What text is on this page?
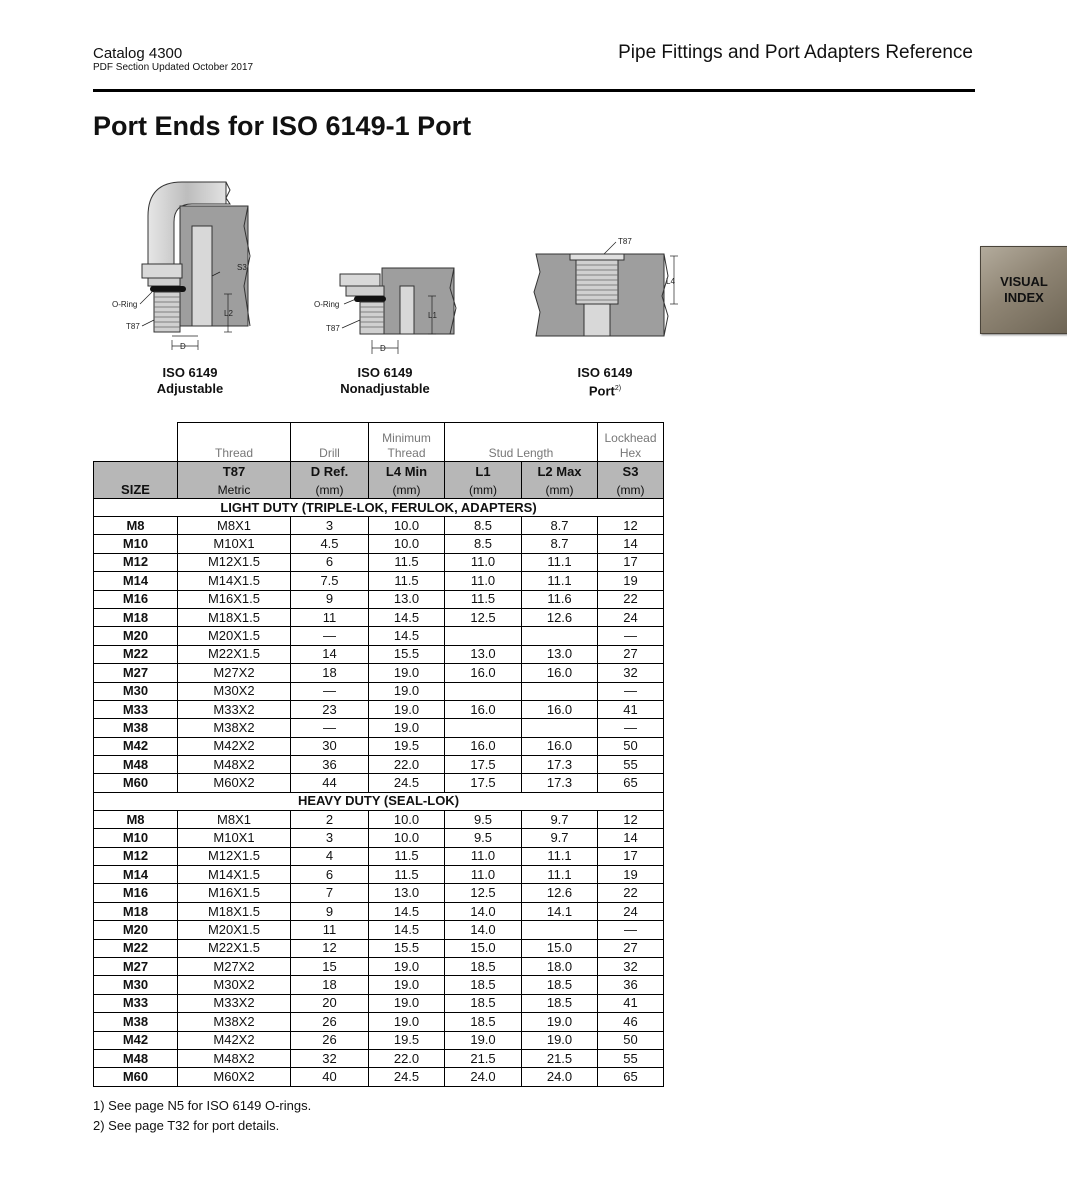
Catalog 4300
PDF Section Updated October 2017
Pipe Fittings and Port Adapters Reference
Port Ends for ISO 6149-1 Port
S3
O-Ring
T87
L2
D
ISO 6149
Adjustable
O-Ring
T87
L1
D
ISO 6149
Nonadjustable
T87
L4
ISO 6149
Port$^{2)}$
VISUAL
INDEX
	Thread	Drill	Minimum Thread	Stud Length		Lockhead Hex
	T87	D Ref.	L4 Min	L1	L2 Max	S3
SIZE	Metric	(mm)	(mm)	(mm)	(mm)	(mm)
LIGHT DUTY (TRIPLE-LOK, FERULOK, ADAPTERS)						
M8	M8X1	3	10.0	8.5	8.7	12
M10	M10X1	4.5	10.0	8.5	8.7	14
M12	M12X1.5	6	11.5	11.0	11.1	17
M14	M14X1.5	7.5	11.5	11.0	11.1	19
M16	M16X1.5	9	13.0	11.5	11.6	22
M18	M18X1.5	11	14.5	12.5	12.6	24
M20	M20X1.5	—	14.5			—
M22	M22X1.5	14	15.5	13.0	13.0	27
M27	M27X2	18	19.0	16.0	16.0	32
M30	M30X2	—	19.0			—
M33	M33X2	23	19.0	16.0	16.0	41
M38	M38X2	—	19.0			—
M42	M42X2	30	19.5	16.0	16.0	50
M48	M48X2	36	22.0	17.5	17.3	55
M60	M60X2	44	24.5	17.5	17.3	65
HEAVY DUTY (SEAL-LOK)						
M8	M8X1	2	10.0	9.5	9.7	12
M10	M10X1	3	10.0	9.5	9.7	14
M12	M12X1.5	4	11.5	11.0	11.1	17
M14	M14X1.5	6	11.5	11.0	11.1	19
M16	M16X1.5	7	13.0	12.5	12.6	22
M18	M18X1.5	9	14.5	14.0	14.1	24
M20	M20X1.5	11	14.5	14.0		—
M22	M22X1.5	12	15.5	15.0	15.0	27
M27	M27X2	15	19.0	18.5	18.0	32
M30	M30X2	18	19.0	18.5	18.5	36
M33	M33X2	20	19.0	18.5	18.5	41
M38	M38X2	26	19.0	18.5	19.0	46
M42	M42X2	26	19.5	19.0	19.0	50
M48	M48X2	32	22.0	21.5	21.5	55
M60	M60X2	40	24.5	24.0	24.0	65
1) See page N5 for ISO 6149 O-rings.
2) See page T32 for port details.
